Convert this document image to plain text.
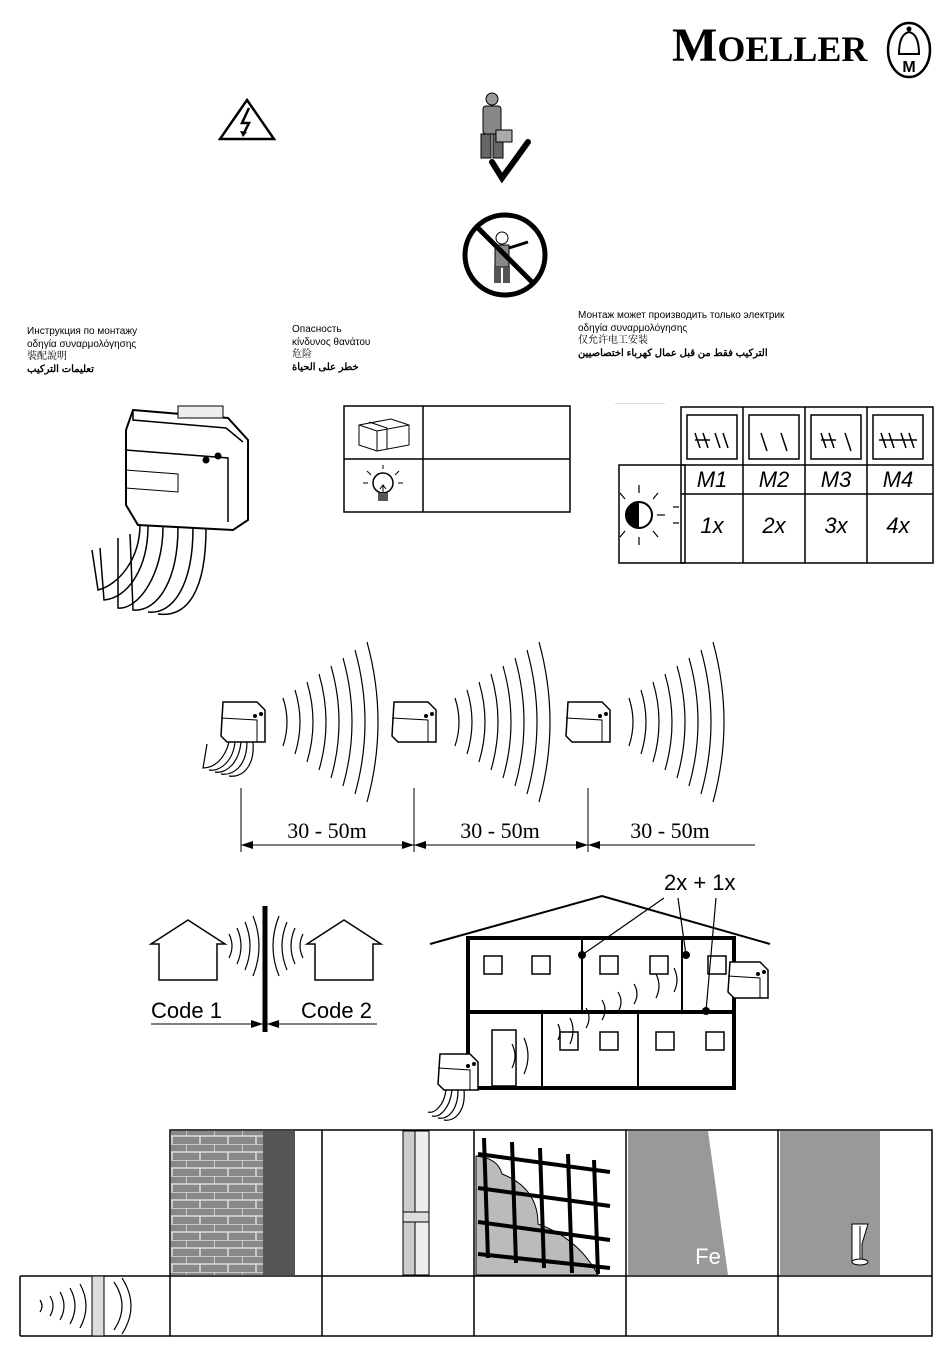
MOELLER M
Инструкция по монтажу
οδηγία συναρμολόγησης
裝配說明
تعليمات التركيب
Опасность
κίνδυνος θανάτου
危险
خطر على الحياة
Монтаж может производить только электрик
οδηγία συναρμολόγησης
仅允许电工安装
التركيب فقط من قبل عمال كهرباء اختصاصيين
M1 M2 M3 M4
1x 2x 3x 4x
30 - 50m	30 - 50m	30 - 50m
Code 1	Code 2
2x + 1x
Fe
